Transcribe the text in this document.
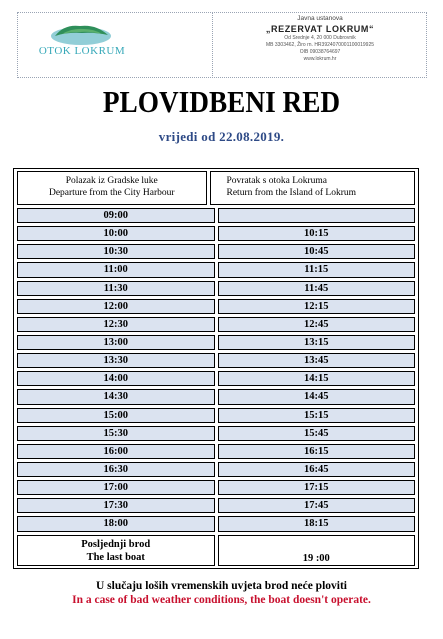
OTOK LOKRUM
Javna ustanova
„REZERVAT LOKRUM“
Od Srednje 4, 20 000 Dubrovnik
MB 3303462, Žiro rn. HR3924070001100019925
OIB 09038764697
www.lokrum.hr
PLOVIDBENI RED
vrijedi od 22.08.2019.
Polazak iz Gradske luke
Departure from the City Harbour
Povratak s otoka Lokruma
Return from the Island of Lokrum
09:00
10:00	10:15
10:30	10:45
11:00	11:15
11:30	11:45
12:00	12:15
12:30	12:45
13:00	13:15
13:30	13:45
14:00	14:15
14:30	14:45
15:00	15:15
15:30	15:45
16:00	16:15
16:30	16:45
17:00	17:15
17:30	17:45
18:00	18:15
Posljednji brod
The last boat	19 :00
U slučaju loših vremenskih uvjeta brod neće ploviti
In a case of bad weather conditions, the boat doesn't operate.
